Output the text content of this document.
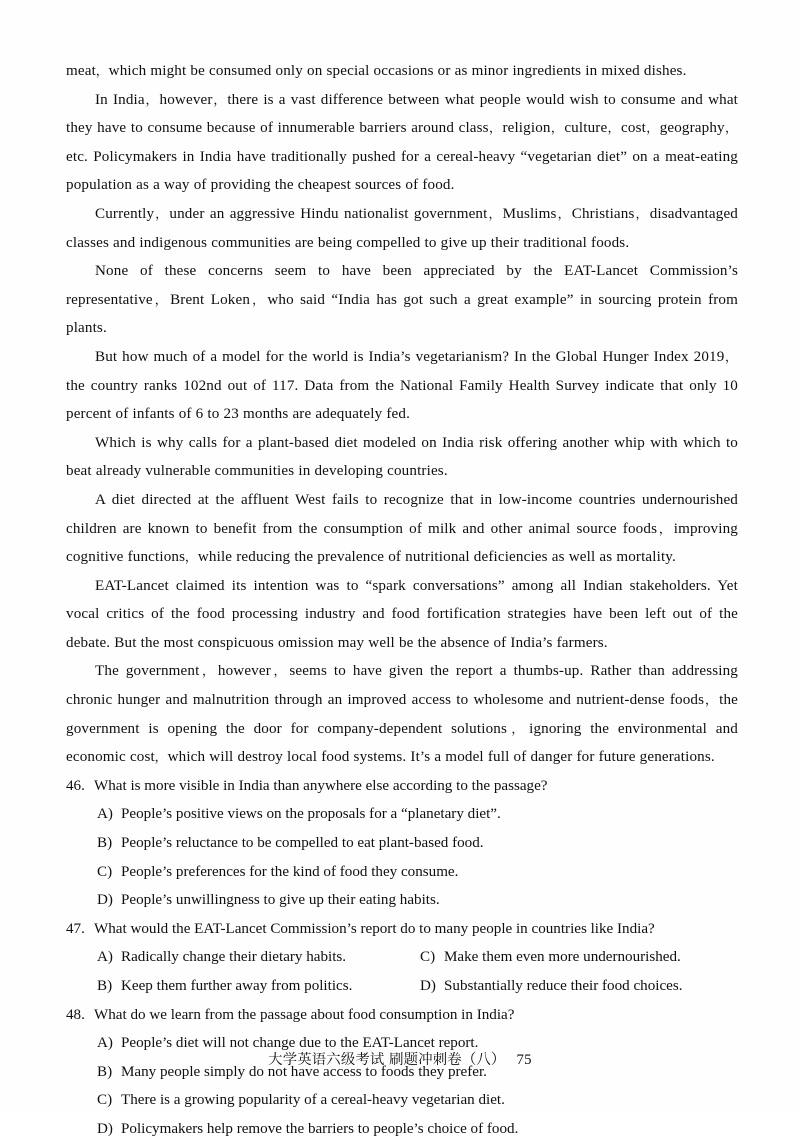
meat，which might be consumed only on special occasions or as minor ingredients in mixed dishes.

In India，however，there is a vast difference between what people would wish to consume and what they have to consume because of innumerable barriers around class，religion，culture，cost，geography，etc. Policymakers in India have traditionally pushed for a cereal-heavy “vegetarian diet” on a meat-eating population as a way of providing the cheapest sources of food.

Currently，under an aggressive Hindu nationalist government，Muslims，Christians，disadvantaged classes and indigenous communities are being compelled to give up their traditional foods.

None of these concerns seem to have been appreciated by the EAT-Lancet Commission’s representative，Brent Loken，who said “India has got such a great example” in sourcing protein from plants.

But how much of a model for the world is India’s vegetarianism? In the Global Hunger Index 2019，the country ranks 102nd out of 117. Data from the National Family Health Survey indicate that only 10 percent of infants of 6 to 23 months are adequately fed.

Which is why calls for a plant-based diet modeled on India risk offering another whip with which to beat already vulnerable communities in developing countries.

A diet directed at the affluent West fails to recognize that in low-income countries undernourished children are known to benefit from the consumption of milk and other animal source foods，improving cognitive functions，while reducing the prevalence of nutritional deficiencies as well as mortality.

EAT-Lancet claimed its intention was to “spark conversations” among all Indian stakeholders. Yet vocal critics of the food processing industry and food fortification strategies have been left out of the debate. But the most conspicuous omission may well be the absence of India’s farmers.

The government，however，seems to have given the report a thumbs-up. Rather than addressing chronic hunger and malnutrition through an improved access to wholesome and nutrient-dense foods，the government is opening the door for company-dependent solutions，ignoring the environmental and economic cost，which will destroy local food systems. It’s a model full of danger for future generations.

46. What is more visible in India than anywhere else according to the passage?

A) People’s positive views on the proposals for a “planetary diet”.
B) People’s reluctance to be compelled to eat plant-based food.
C) People’s preferences for the kind of food they consume.
D) People’s unwillingness to give up their eating habits.

47. What would the EAT-Lancet Commission’s report do to many people in countries like India?

A) Radically change their dietary habits.	C) Make them even more undernourished.
B) Keep them further away from politics.	D) Substantially reduce their food choices.

48. What do we learn from the passage about food consumption in India?

A) People’s diet will not change due to the EAT-Lancet report.
B) Many people simply do not have access to foods they prefer.
C) There is a growing popularity of a cereal-heavy vegetarian diet.
D) Policymakers help remove the barriers to people’s choice of food.
大学英语六级考试 刷题冲刺卷（八） 75
